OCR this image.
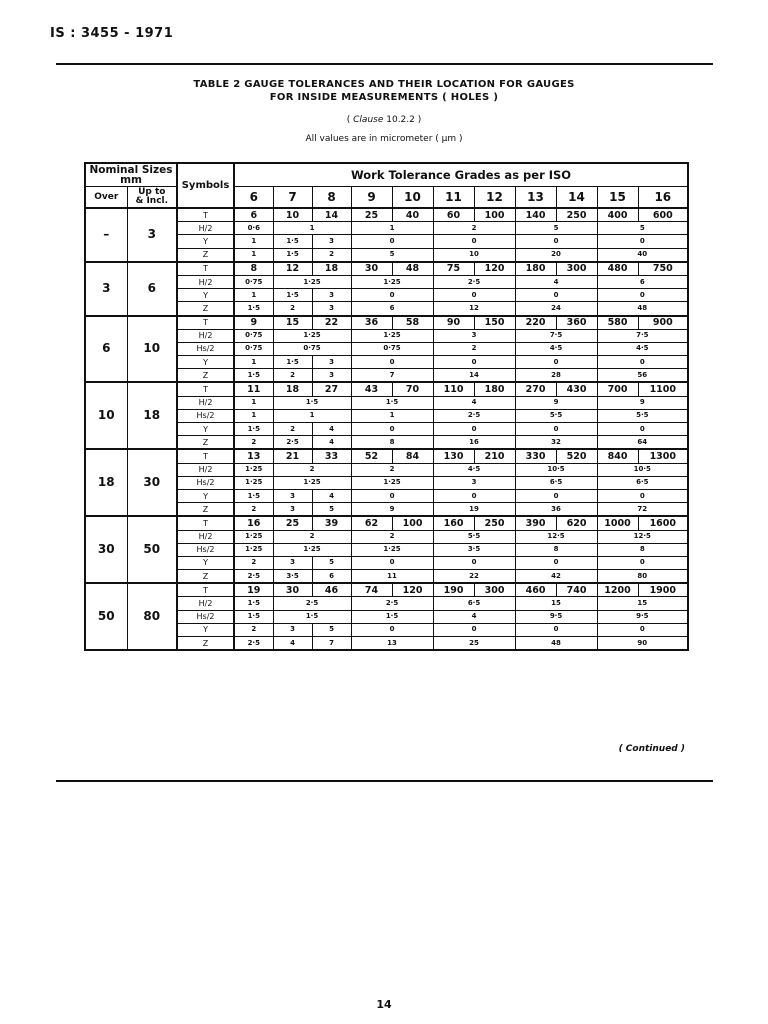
IS : 3455 - 1971
TABLE 2 GAUGE TOLERANCES AND THEIR LOCATION FOR GAUGES
FOR INSIDE MEASUREMENTS ( HOLES )
( Clause 10.2.2 )
All values are in micrometer ( μm )
Nominal Sizes
mm		Symbols	Work Tolerance Grades as per ISO										
Over	Up to
& Incl.		6	7	8	9	10	11	12	13	14	15	16
–	3	T	6	10	14	25	40	60	100	140	250	400	600
		H/2	0·6	1		1		2		5		5	
		Y	1	1·5	3	0		0		0		0	
		Z	1	1·5	2	5		10		20		40	
3	6	T	8	12	18	30	48	75	120	180	300	480	750
		H/2	0·75	1·25		1·25		2·5		4		6	
		Y	1	1·5	3	0		0		0		0	
		Z	1·5	2	3	6		12		24		48	
6	10	T	9	15	22	36	58	90	150	220	360	580	900
		H/2	0·75	1·25		1·25		3		7·5		7·5	
		Hs/2	0·75	0·75		0·75		2		4·5		4·5	
		Y	1	1·5	3	0		0		0		0	
		Z	1·5	2	3	7		14		28		56	
10	18	T	11	18	27	43	70	110	180	270	430	700	1100
		H/2	1	1·5		1·5		4		9		9	
		Hs/2	1	1		1		2·5		5·5		5·5	
		Y	1·5	2	4	0		0		0		0	
		Z	2	2·5	4	8		16		32		64	
18	30	T	13	21	33	52	84	130	210	330	520	840	1300
		H/2	1·25	2		2		4·5		10·5		10·5	
		Hs/2	1·25	1·25		1·25		3		6·5		6·5	
		Y	1·5	3	4	0		0		0		0	
		Z	2	3	5	9		19		36		72	
30	50	T	16	25	39	62	100	160	250	390	620	1000	1600
		H/2	1·25	2		2		5·5		12·5		12·5	
		Hs/2	1·25	1·25		1·25		3·5		8		8	
		Y	2	3	5	0		0		0		0	
		Z	2·5	3·5	6	11		22		42		80	
50	80	T	19	30	46	74	120	190	300	460	740	1200	1900
		H/2	1·5	2·5		2·5		6·5		15		15	
		Hs/2	1·5	1·5		1·5		4		9·5		9·5	
		Y	2	3	5	0		0		0		0	
		Z	2·5	4	7	13		25		48		90	
( Continued )
14
